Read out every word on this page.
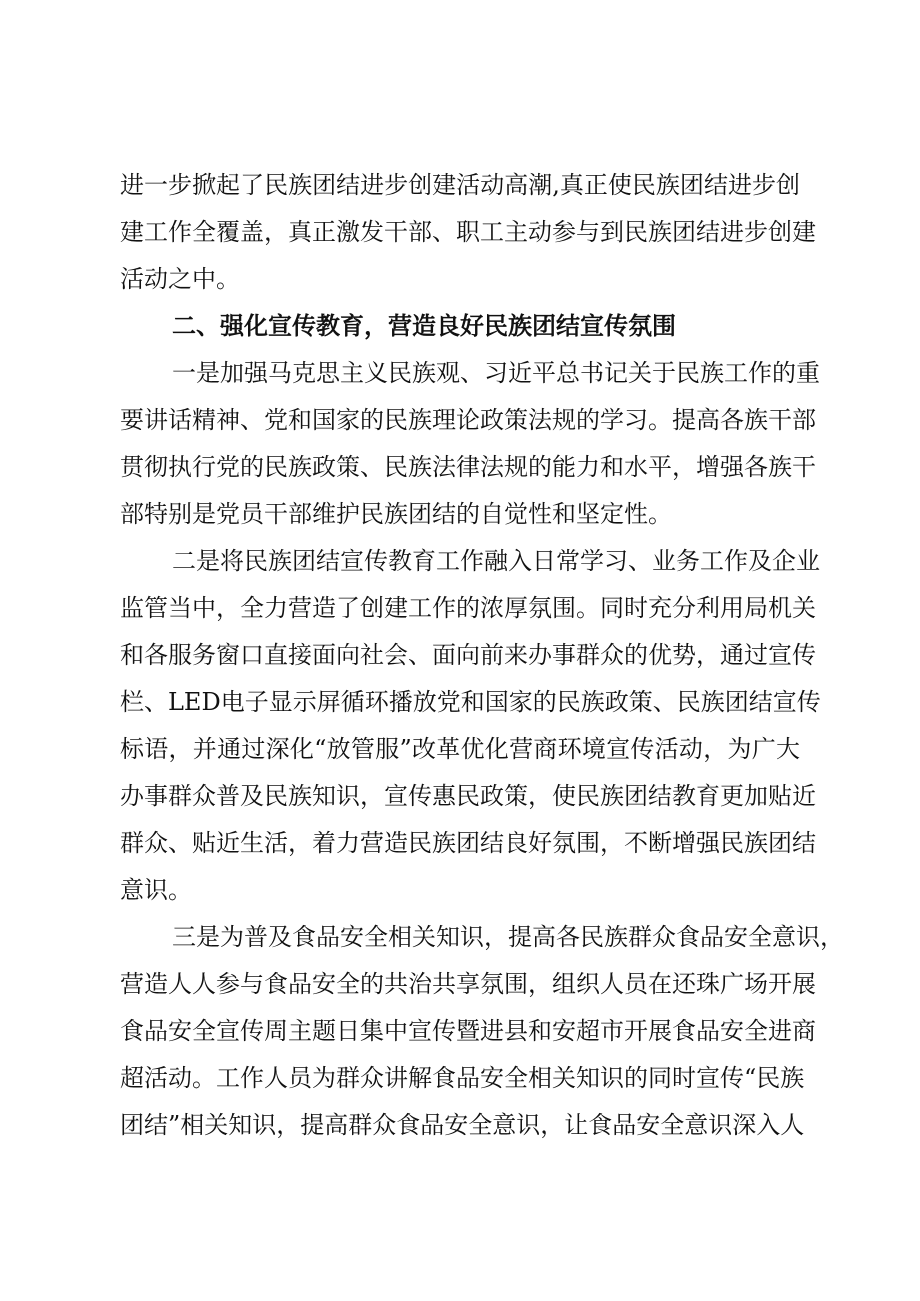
进一步掀起了民族团结进步创建活动高潮,真正使民族团结进步创

建工作全覆盖，真正激发干部、职工主动参与到民族团结进步创建

活动之中。

二、强化宣传教育，营造良好民族团结宣传氛围

一是加强马克思主义民族观、习近平总书记关于民族工作的重

要讲话精神、党和国家的民族理论政策法规的学习。提高各族干部

贯彻执行党的民族政策、民族法律法规的能力和水平，增强各族干

部特别是党员干部维护民族团结的自觉性和坚定性。

二是将民族团结宣传教育工作融入日常学习、业务工作及企业

监管当中，全力营造了创建工作的浓厚氛围。同时充分利用局机关

和各服务窗口直接面向社会、面向前来办事群众的优势，通过宣传

栏、LED电子显示屏循环播放党和国家的民族政策、民族团结宣传

标语，并通过深化“放管服”改革优化营商环境宣传活动，为广大

办事群众普及民族知识，宣传惠民政策，使民族团结教育更加贴近

群众、贴近生活，着力营造民族团结良好氛围，不断增强民族团结

意识。

三是为普及食品安全相关知识，提高各民族群众食品安全意识，

营造人人参与食品安全的共治共享氛围，组织人员在还珠广场开展

食品安全宣传周主题日集中宣传暨进县和安超市开展食品安全进商

超活动。工作人员为群众讲解食品安全相关知识的同时宣传“民族

团结”相关知识，提高群众食品安全意识，让食品安全意识深入人
